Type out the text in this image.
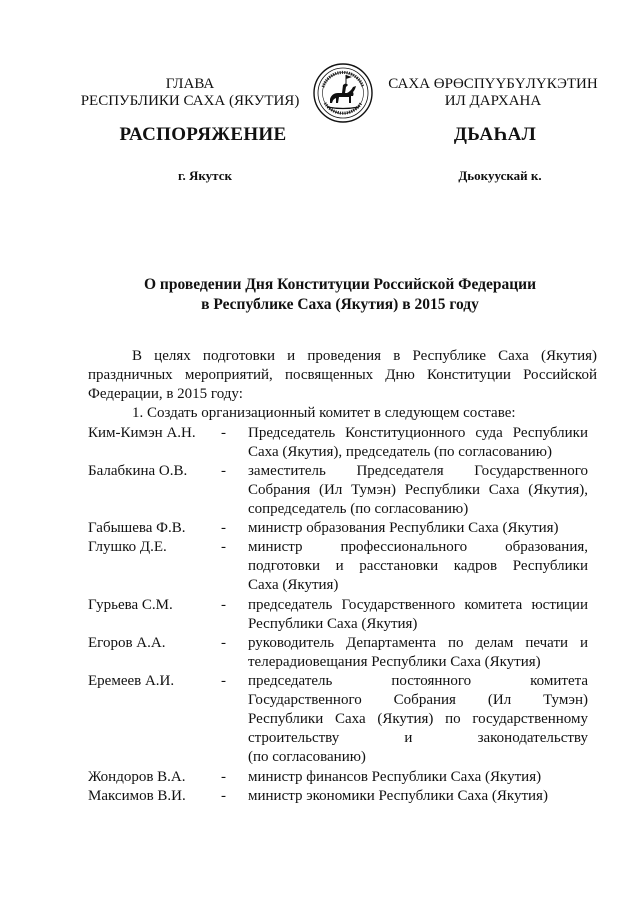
ГЛАВА
РЕСПУБЛИКИ САХА (ЯКУТИЯ)
САХА ӨРӨСПҮҮБҮЛҮКЭТИН
ИЛ ДАРХАНА
РАСПОРЯЖЕНИЕ	ДЬАҺАЛ
г. Якутск	Дьокуускай к.
О проведении Дня Конституции Российской Федерации
в Республике Саха (Якутия) в 2015 году
В целях подготовки и проведения в Республике Саха (Якутия) праздничных мероприятий, посвященных Дню Конституции Российской Федерации, в 2015 году:
1. Создать организационный комитет в следующем составе:
Ким-Кимэн А.Н. - Председатель Конституционного суда Республики
Саха (Якутия), председатель (по согласованию)
Балабкина О.В. - заместитель Председателя Государственного
Собрания (Ил Тумэн) Республики Саха (Якутия),
сопредседатель (по согласованию)
Габышева Ф.В. - министр образования Республики Саха (Якутия)
Глушко Д.Е.	- министр профессионального образования,
подготовки и расстановки кадров Республики
Саха (Якутия)
Гурьева С.М.	- председатель Государственного комитета юстиции
Республики Саха (Якутия)
Егоров А.А.	- руководитель Департамента по делам печати и
телерадиовещания Республики Саха (Якутия)
Еремеев А.И.	- председатель постоянного комитета
Государственного Собрания (Ил Тумэн)
Республики Саха (Якутия) по государственному
строительству и законодательству
(по согласованию)
Жондоров В.А. - министр финансов Республики Саха (Якутия)
Максимов В.И. - министр экономики Республики Саха (Якутия)
